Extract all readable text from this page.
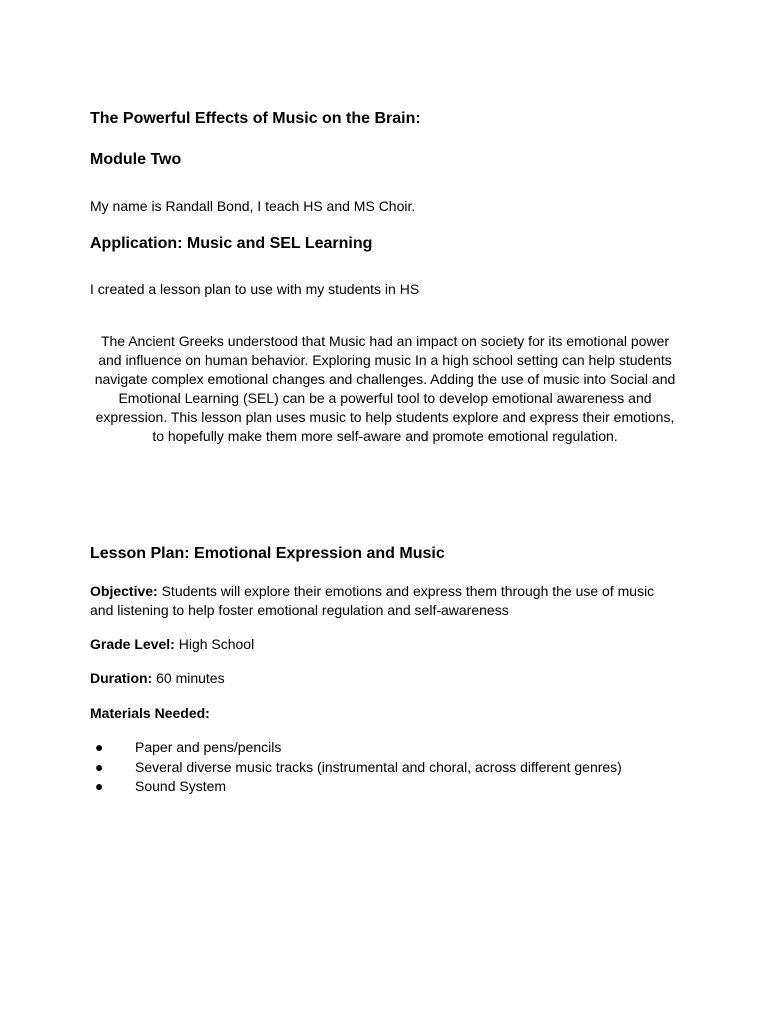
The Powerful Effects of Music on the Brain:
Module Two

My name is Randall Bond, I teach HS and MS Choir.

Application: Music and SEL Learning

I created a lesson plan to use with my students in HS

The Ancient Greeks understood that Music had an impact on society for its emotional power and influence on human behavior. Exploring music In a high school setting can help students navigate complex emotional changes and challenges. Adding the use of music into Social and Emotional Learning (SEL) can be a powerful tool to develop emotional awareness and expression. This lesson plan uses music to help students explore and express their emotions, to hopefully make them more self-aware and promote emotional regulation.

Lesson Plan: Emotional Expression and Music

Objective: Students will explore their emotions and express them through the use of music and listening to help foster emotional regulation and self-awareness

Grade Level: High School

Duration: 60 minutes

Materials Needed:

● Paper and pens/pencils
● Several diverse music tracks (instrumental and choral, across different genres)
● Sound System
